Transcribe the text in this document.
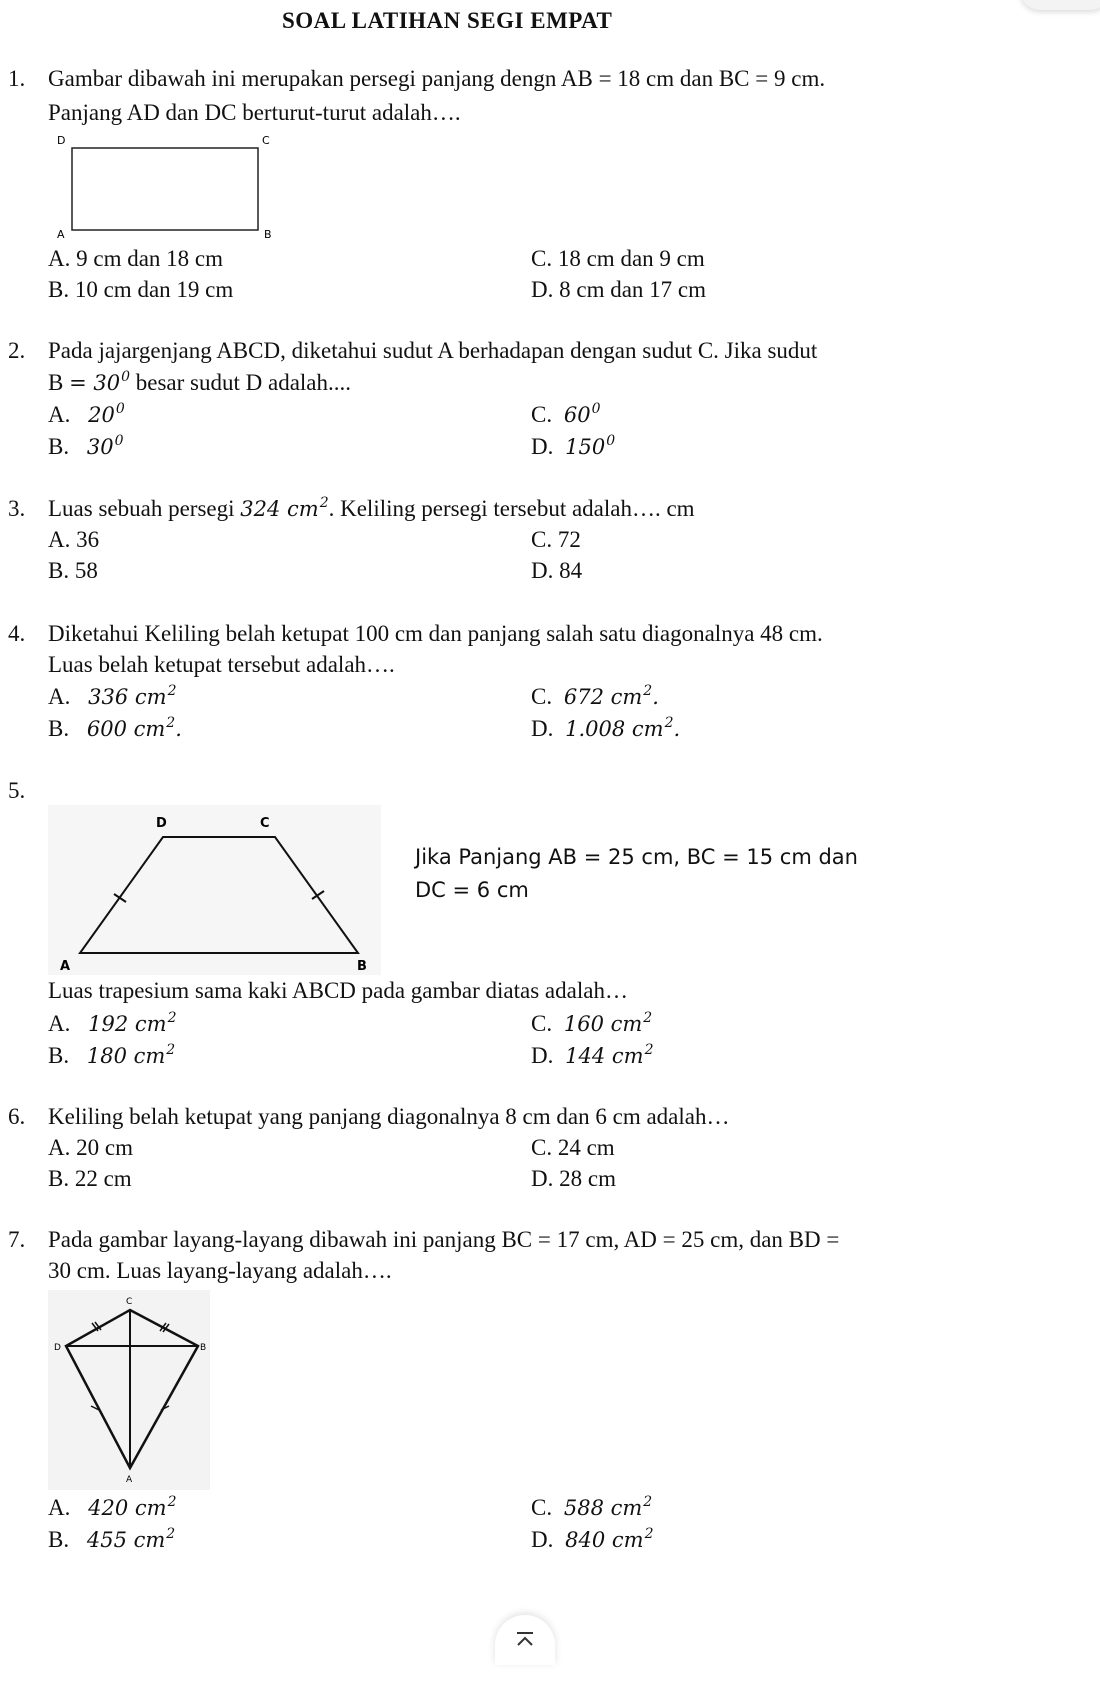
SOAL LATIHAN SEGI EMPAT
1. Gambar dibawah ini merupakan persegi panjang dengn AB = 18 cm dan BC = 9 cm.
Panjang AD dan DC berturut-turut adalah….
D	C
A	B
A. 9 cm dan 18 cm	C. 18 cm dan 9 cm
B. 10 cm dan 19 cm	D. 8 cm dan 17 cm
2. Pada jajargenjang ABCD, diketahui sudut A berhadapan dengan sudut C. Jika sudut
$B = 30^0$ besar sudut D adalah....
A. $20^0$	C. $60^0$
B. $30^0$	D. $150^0$
3. Luas sebuah persegi 324 $cm^2$. Keliling persegi tersebut adalah…. cm
A. 36	C. 72
B. 58	D. 84
4. Diketahui Keliling belah ketupat 100 cm dan panjang salah satu diagonalnya 48 cm.
Luas belah ketupat tersebut adalah….
A. 336 $cm^2$	C. 672 $cm^2$.
B. 600 $cm^2$.	D. 1.008 $cm^2$.
5.
D	C
A	B
Jika Panjang AB = 25 cm, BC = 15 cm dan
DC = 6 cm
Luas trapesium sama kaki ABCD pada gambar diatas adalah…
A. 192 $cm^2$	C. 160 $cm^2$
B. 180 $cm^2$	D. 144 $cm^2$
6. Keliling belah ketupat yang panjang diagonalnya 8 cm dan 6 cm adalah…
A. 20 cm	C. 24 cm
B. 22 cm	D. 28 cm
7. Pada gambar layang-layang dibawah ini panjang BC = 17 cm, AD = 25 cm, dan BD =
30 cm. Luas layang-layang adalah….
C
D	B
A
A. 420 $cm^2$	C. 588 $cm^2$
B. 455 $cm^2$	D. 840 $cm^2$
